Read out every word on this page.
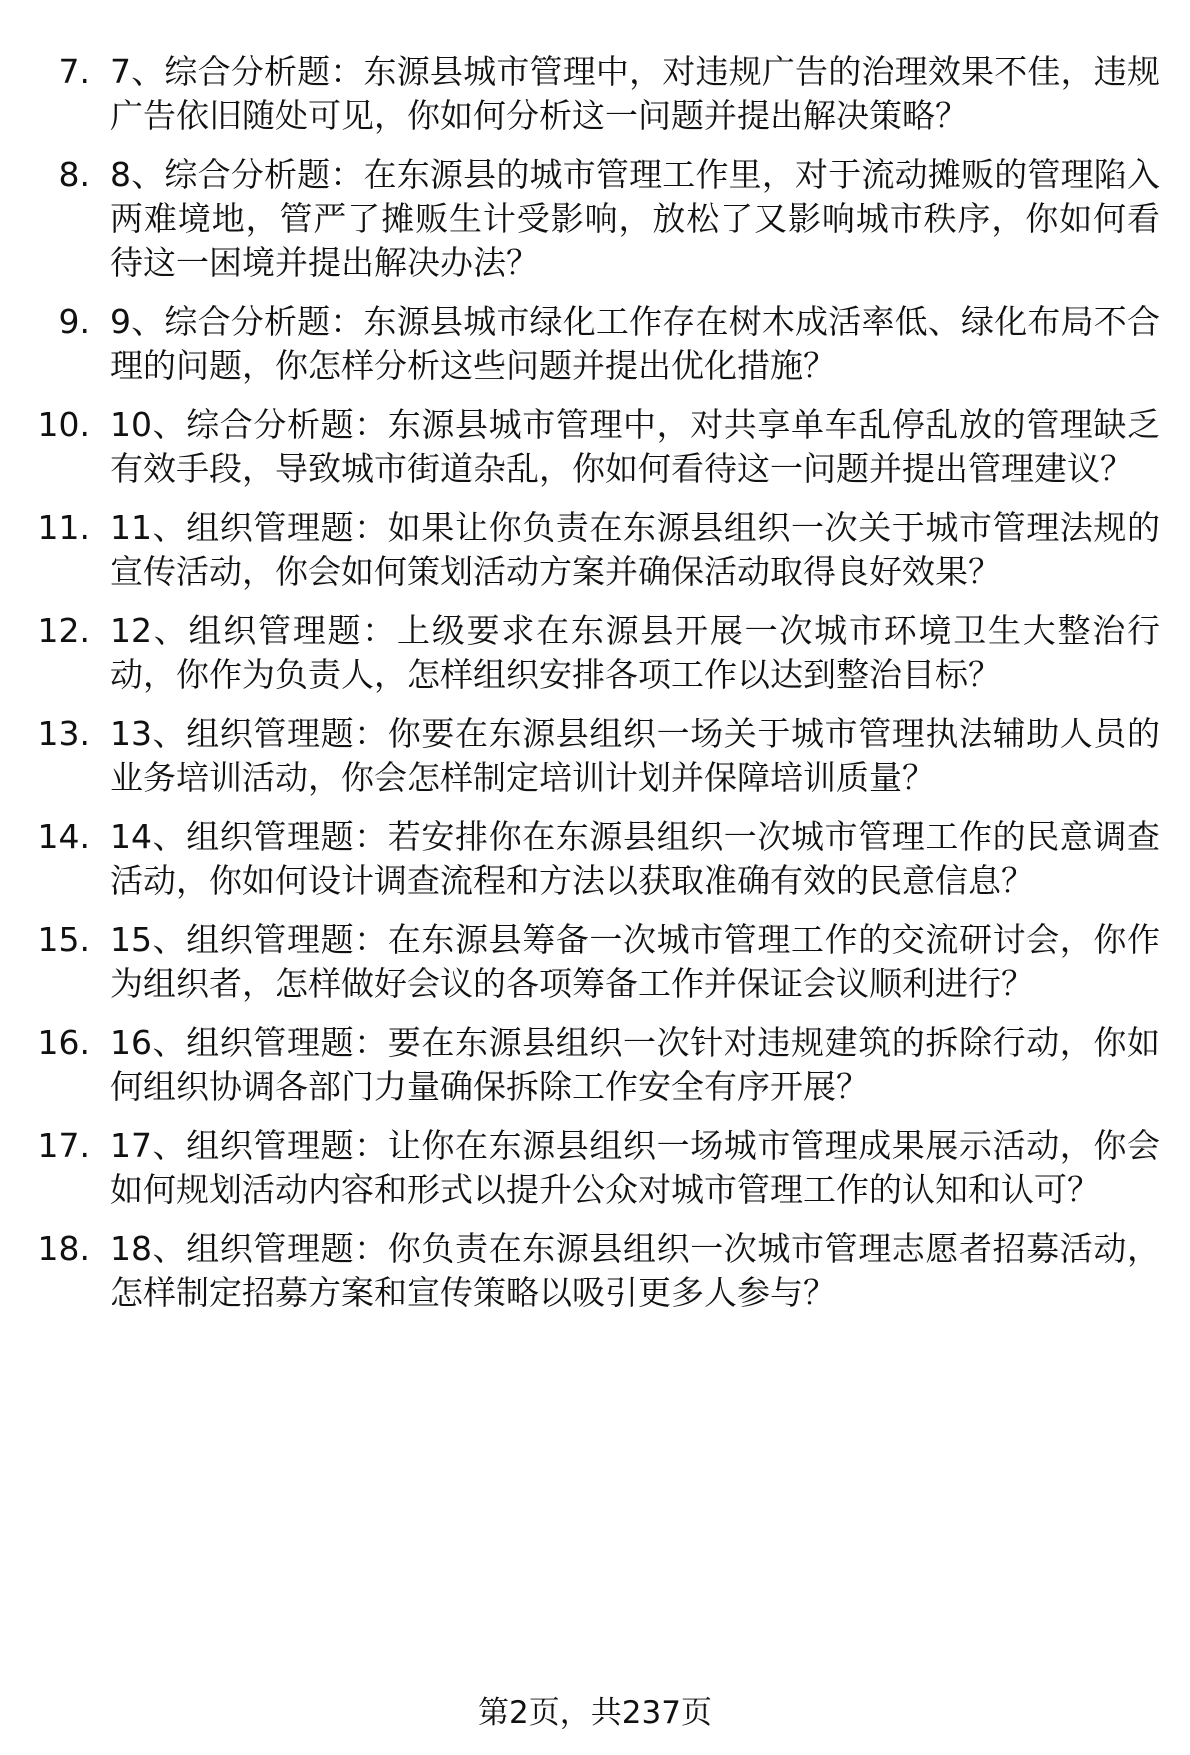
7. 7、综合分析题：东源县城市管理中，对违规广告的治理效果不佳，违规广告依旧随处可见，你如何分析这一问题并提出解决策略？
8. 8、综合分析题：在东源县的城市管理工作里，对于流动摊贩的管理陷入两难境地，管严了摊贩生计受影响，放松了又影响城市秩序，你如何看待这一困境并提出解决办法？
9. 9、综合分析题：东源县城市绿化工作存在树木成活率低、绿化布局不合理的问题，你怎样分析这些问题并提出优化措施？
10. 10、综合分析题：东源县城市管理中，对共享单车乱停乱放的管理缺乏有效手段，导致城市街道杂乱，你如何看待这一问题并提出管理建议？
11. 11、组织管理题：如果让你负责在东源县组织一次关于城市管理法规的宣传活动，你会如何策划活动方案并确保活动取得良好效果？
12. 12、组织管理题：上级要求在东源县开展一次城市环境卫生大整治行动，你作为负责人，怎样组织安排各项工作以达到整治目标？
13. 13、组织管理题：你要在东源县组织一场关于城市管理执法辅助人员的业务培训活动，你会怎样制定培训计划并保障培训质量？
14. 14、组织管理题：若安排你在东源县组织一次城市管理工作的民意调查活动，你如何设计调查流程和方法以获取准确有效的民意信息？
15. 15、组织管理题：在东源县筹备一次城市管理工作的交流研讨会，你作为组织者，怎样做好会议的各项筹备工作并保证会议顺利进行？
16. 16、组织管理题：要在东源县组织一次针对违规建筑的拆除行动，你如何组织协调各部门力量确保拆除工作安全有序开展？
17. 17、组织管理题：让你在东源县组织一场城市管理成果展示活动，你会如何规划活动内容和形式以提升公众对城市管理工作的认知和认可？
18. 18、组织管理题：你负责在东源县组织一次城市管理志愿者招募活动，怎样制定招募方案和宣传策略以吸引更多人参与？
第2页，共237页
